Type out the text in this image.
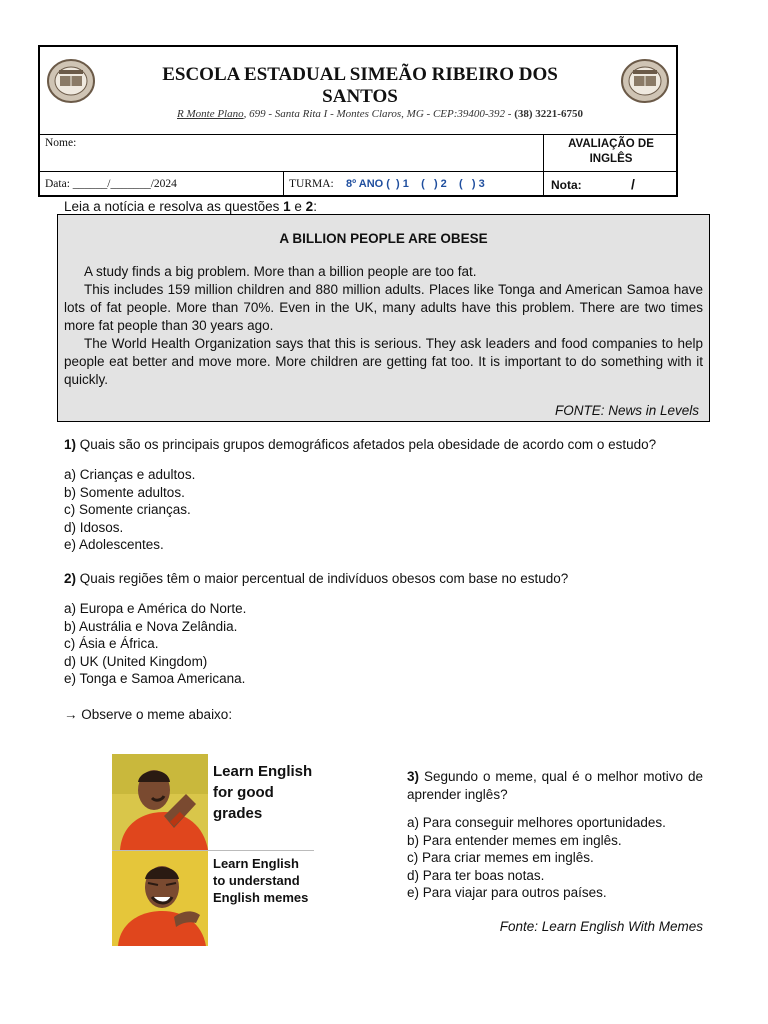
ESCOLA ESTADUAL SIMEÃO RIBEIRO DOS SANTOS
R Monte Plano, 699 - Santa Rita I - Montes Claros, MG - CEP:39400-392 - (38) 3221-6750
Nome:	AVALIAÇÃO DE INGLÊS
Data: ______/_______/2024	TURMA: 8º ANO (  ) 1    (   ) 2    (   ) 3	Nota:	/
Leia a notícia e resolva as questões 1 e 2:
A BILLION PEOPLE ARE OBESE

A study finds a big problem. More than a billion people are too fat.

This includes 159 million children and 880 million adults. Places like Tonga and American Samoa have lots of fat people. More than 70%. Even in the UK, many adults have this problem. There are two times more fat people than 30 years ago.

The World Health Organization says that this is serious. They ask leaders and food companies to help people eat better and move more. More children are getting fat too. It is important to do something with it quickly.

FONTE: News in Levels
1) Quais são os principais grupos demográficos afetados pela obesidade de acordo com o estudo?
a) Crianças e adultos.
b) Somente adultos.
c) Somente crianças.
d) Idosos.
e) Adolescentes.
2) Quais regiões têm o maior percentual de indivíduos obesos com base no estudo?
a) Europa e América do Norte.
b) Austrália e Nova Zelândia.
c) Ásia e África.
d) UK (United Kingdom)
e) Tonga e Samoa Americana.
→ Observe o meme abaixo:
Learn English for good grades
Learn English to understand English memes
3) Segundo o meme, qual é o melhor motivo de aprender inglês?
a) Para conseguir melhores oportunidades.
b) Para entender memes em inglês.
c) Para criar memes em inglês.
d) Para ter boas notas.
e) Para viajar para outros países.
Fonte: Learn English With Memes
